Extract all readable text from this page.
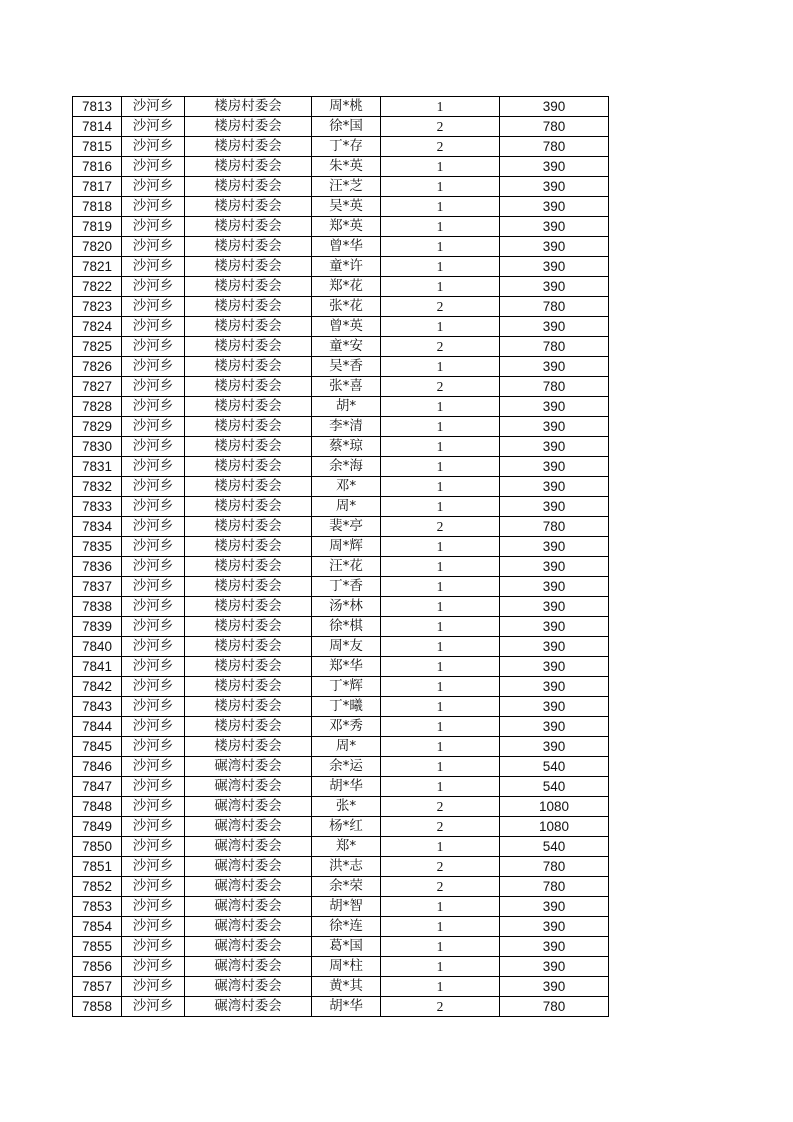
7813	沙河乡	楼房村委会	周*桃	1	390
7814	沙河乡	楼房村委会	徐*国	2	780
7815	沙河乡	楼房村委会	丁*存	2	780
7816	沙河乡	楼房村委会	朱*英	1	390
7817	沙河乡	楼房村委会	汪*芝	1	390
7818	沙河乡	楼房村委会	吴*英	1	390
7819	沙河乡	楼房村委会	郑*英	1	390
7820	沙河乡	楼房村委会	曾*华	1	390
7821	沙河乡	楼房村委会	童*许	1	390
7822	沙河乡	楼房村委会	郑*花	1	390
7823	沙河乡	楼房村委会	张*花	2	780
7824	沙河乡	楼房村委会	曾*英	1	390
7825	沙河乡	楼房村委会	童*安	2	780
7826	沙河乡	楼房村委会	吴*香	1	390
7827	沙河乡	楼房村委会	张*喜	2	780
7828	沙河乡	楼房村委会	胡*	1	390
7829	沙河乡	楼房村委会	李*清	1	390
7830	沙河乡	楼房村委会	蔡*琼	1	390
7831	沙河乡	楼房村委会	余*海	1	390
7832	沙河乡	楼房村委会	邓*	1	390
7833	沙河乡	楼房村委会	周*	1	390
7834	沙河乡	楼房村委会	裴*亭	2	780
7835	沙河乡	楼房村委会	周*辉	1	390
7836	沙河乡	楼房村委会	汪*花	1	390
7837	沙河乡	楼房村委会	丁*香	1	390
7838	沙河乡	楼房村委会	汤*林	1	390
7839	沙河乡	楼房村委会	徐*棋	1	390
7840	沙河乡	楼房村委会	周*友	1	390
7841	沙河乡	楼房村委会	郑*华	1	390
7842	沙河乡	楼房村委会	丁*辉	1	390
7843	沙河乡	楼房村委会	丁*曦	1	390
7844	沙河乡	楼房村委会	邓*秀	1	390
7845	沙河乡	楼房村委会	周*	1	390
7846	沙河乡	碾湾村委会	余*运	1	540
7847	沙河乡	碾湾村委会	胡*华	1	540
7848	沙河乡	碾湾村委会	张*	2	1080
7849	沙河乡	碾湾村委会	杨*红	2	1080
7850	沙河乡	碾湾村委会	郑*	1	540
7851	沙河乡	碾湾村委会	洪*志	2	780
7852	沙河乡	碾湾村委会	余*荣	2	780
7853	沙河乡	碾湾村委会	胡*智	1	390
7854	沙河乡	碾湾村委会	徐*连	1	390
7855	沙河乡	碾湾村委会	葛*国	1	390
7856	沙河乡	碾湾村委会	周*柱	1	390
7857	沙河乡	碾湾村委会	黄*其	1	390
7858	沙河乡	碾湾村委会	胡*华	2	780
